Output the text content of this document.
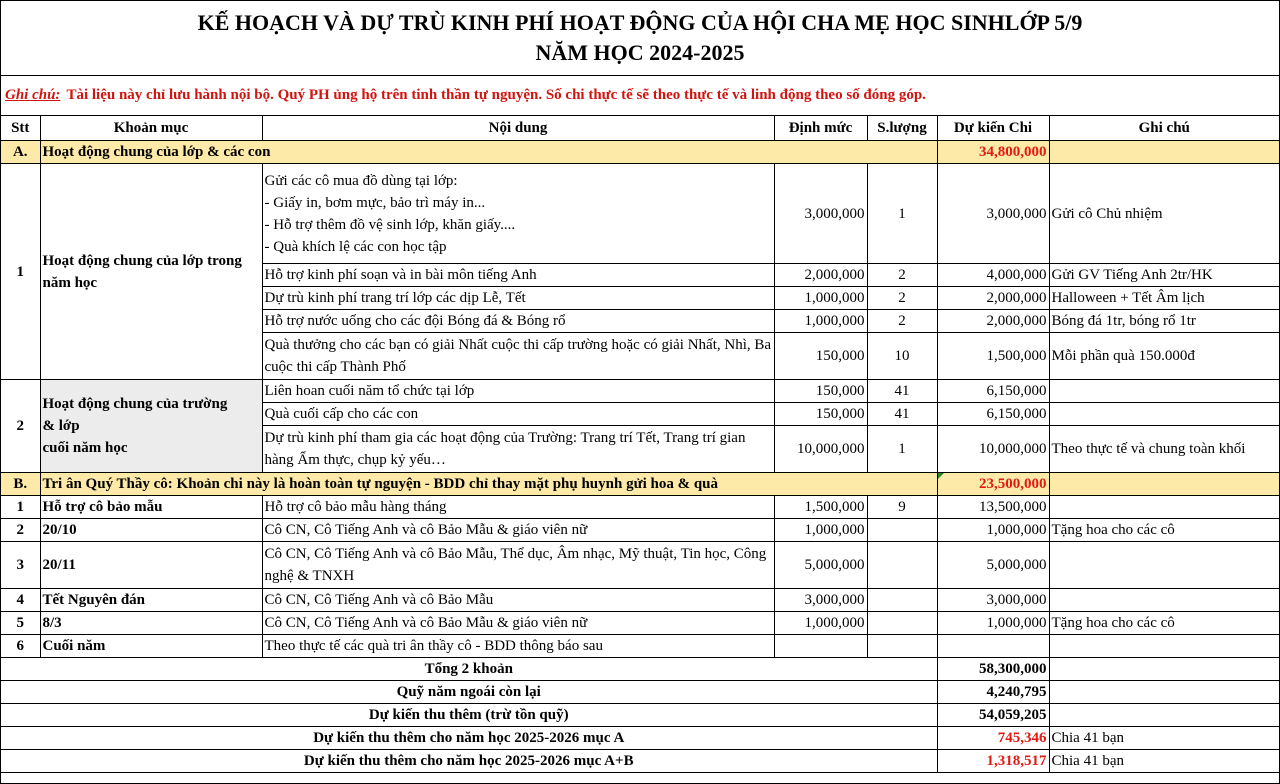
KẾ HOẠCH VÀ DỰ TRÙ KINH PHÍ HOẠT ĐỘNG CỦA HỘI CHA MẸ HỌC SINHLỚP 5/9
NĂM HỌC 2024-2025
Ghi chú: Tài liệu này chỉ lưu hành nội bộ. Quý PH ủng hộ trên tinh thần tự nguyện. Số chi thực tế sẽ theo thực tế và linh động theo số đóng góp.
Stt	Khoản mục	Nội dung	Định mức	S.lượng	Dự kiến Chi	Ghi chú
A.	Hoạt động chung của lớp & các con				34,800,000	
1	Hoạt động chung của lớp trong năm học	Gửi các cô mua đồ dùng tại lớp:
- Giấy in, bơm mực, bảo trì máy in...
- Hỗ trợ thêm đồ vệ sinh lớp, khăn giấy....
- Quà khích lệ các con học tập	3,000,000	1	3,000,000	Gửi cô Chủ nhiệm
		Hỗ trợ kinh phí soạn và in bài môn tiếng Anh	2,000,000	2	4,000,000	Gửi GV Tiếng Anh 2tr/HK
		Dự trù kinh phí trang trí lớp các dịp Lễ, Tết	1,000,000	2	2,000,000	Halloween + Tết Âm lịch
		Hỗ trợ nước uống cho các đội Bóng đá & Bóng rổ	1,000,000	2	2,000,000	Bóng đá 1tr, bóng rổ 1tr
		Quà thưởng cho các bạn có giải Nhất cuộc thi cấp trường hoặc có giải Nhất, Nhì, Ba cuộc thi cấp Thành Phố	150,000	10	1,500,000	Mỗi phần quà 150.000đ
2	Hoạt động chung của trường
& lớp
cuối năm học	Liên hoan cuối năm tổ chức tại lớp	150,000	41	6,150,000	
		Quà cuối cấp cho các con	150,000	41	6,150,000	
		Dự trù kinh phí tham gia các hoạt động của Trường: Trang trí Tết, Trang trí gian hàng Ẩm thực, chụp kỷ yếu…	10,000,000	1	10,000,000	Theo thực tế và chung toàn khối
B.	Tri ân Quý Thầy cô: Khoản chi này là hoàn toàn tự nguyện - BDD chỉ thay mặt phụ huynh gửi hoa & quà				23,500,000	
1	Hỗ trợ cô bảo mẫu	Hỗ trợ cô bảo mẫu hàng tháng	1,500,000	9	13,500,000	
2	20/10	Cô CN, Cô Tiếng Anh và cô Bảo Mẫu & giáo viên nữ	1,000,000		1,000,000	Tặng hoa cho các cô
3	20/11	Cô CN, Cô Tiếng Anh và cô Bảo Mẫu, Thể dục, Âm nhạc, Mỹ thuật, Tin học, Công nghệ & TNXH	5,000,000		5,000,000	
4	Tết Nguyên đán	Cô CN, Cô Tiếng Anh và cô Bảo Mẫu	3,000,000		3,000,000	
5	8/3	Cô CN, Cô Tiếng Anh và cô Bảo Mẫu & giáo viên nữ	1,000,000		1,000,000	Tặng hoa cho các cô
6	Cuối năm	Theo thực tế các quà tri ân thầy cô - BDD thông báo sau				
Tổng 2 khoản					58,300,000	
Quỹ năm ngoái còn lại					4,240,795	
Dự kiến thu thêm (trừ tồn quỹ)					54,059,205	
Dự kiến thu thêm cho năm học 2025-2026 mục A					745,346	Chia 41 bạn
Dự kiến thu thêm cho năm học 2025-2026 mục A+B					1,318,517	Chia 41 bạn
